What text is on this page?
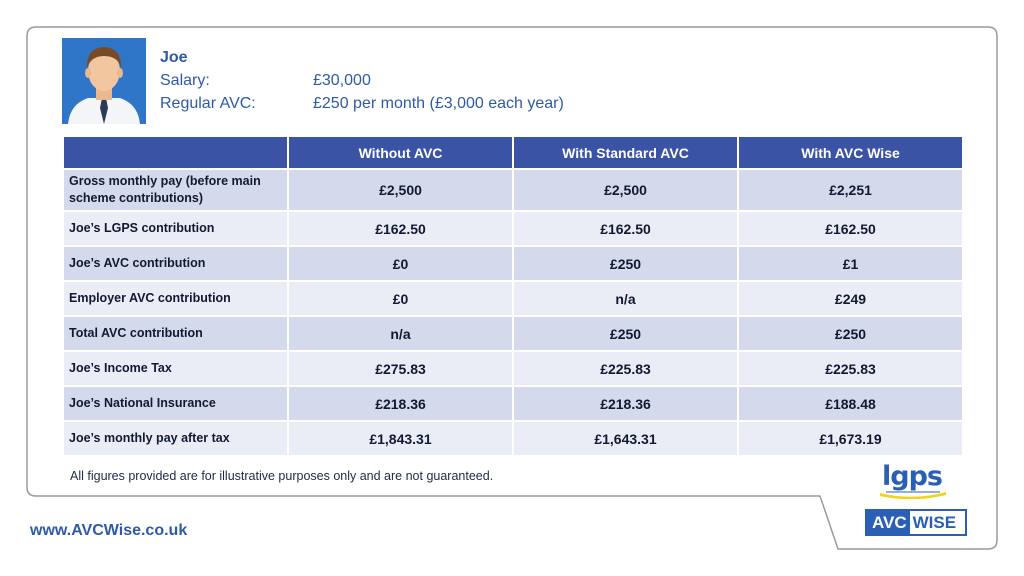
Joe
Salary:	£30,000
Regular AVC:	£250 per month (£3,000 each year)
	Without AVC	With Standard AVC	With AVC Wise
Gross monthly pay (before main scheme contributions)	£2,500	£2,500	£2,251
Joe’s LGPS contribution	£162.50	£162.50	£162.50
Joe’s AVC contribution	£0	£250	£1
Employer AVC contribution	£0	n/a	£249
Total AVC contribution	n/a	£250	£250
Joe’s Income Tax	£275.83	£225.83	£225.83
Joe’s National Insurance	£218.36	£218.36	£188.48
Joe’s monthly pay after tax	£1,843.31	£1,643.31	£1,673.19
All figures provided are for illustrative purposes only and are not guaranteed.
www.AVCWise.co.uk
lgps
AVC WISE
